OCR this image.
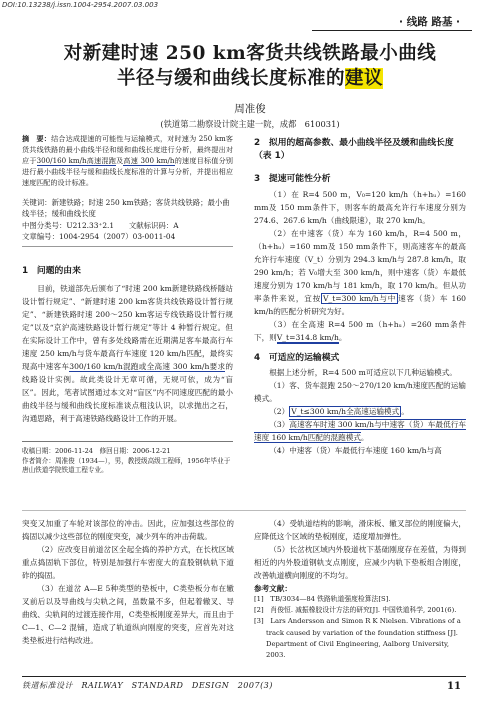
DOI:10.13238/j.issn.1004-2954.2007.03.003
· 线路 路基 ·
对新建时速 250 km客货共线铁路最小曲线
半径与缓和曲线长度标准的建议
周准俊
(铁道第二勘察设计院主建一院，成都　610031)
摘　要：结合达成提速的可能性与运输模式，对时速为 250 km客货共线铁路的最小曲线半径和缓和曲线长度进行分析，最终提出对应于300/160 km/h高速混跑及高速 300 km/h的速度目标值分别进行最小曲线半径与缓和曲线长度标准的计算与分析，并提出相应速度匹配的设计标准。
关键词：新建铁路；时速 250 km铁路；客货共线铁路；最小曲线半径；缓和曲线长度
中图分类号：U212.33⁺2.1　　文献标识码：A
文章编号：1004-2954（2007）03-0011-04
1　问题的由来
目前，铁道部先后颁布了“时速 200 km新建铁路线桥隧站设计暂行规定”、“新建时速 200 km客货共线铁路设计暂行规定”、“新建铁路时速 200～250 km客运专线铁路设计暂行规定”以及“京沪高速铁路设计暂行规定”等计 4 种暂行规定。但在实际设计工作中，曾有多处线路需在近期满足客车最高行车速度 250 km/h与货车最高行车速度 120 km/h匹配，最终实现高中速客车300/160 km/h混跑或全高速 300 km/h要求的线路设计实例。故此类设计无章可循，无规可依，成为“盲区”。因此，笔者试图通过本文对“盲区”内不同速度匹配的最小曲线半径与缓和曲线长度标准谈点粗浅认识，以求抛出之石，沟通思路，利于高速铁路线路设计工作的开展。
收稿日期：2006-11-24　修回日期：2006-12-21
作者简介：周准俊（1934—），男，教授级高级工程师，1956年毕业于唐山铁道学院铁道工程专业。
2　拟用的超高参数、最小曲线半径及缓和曲线长度（表 1）
3　提速可能性分析
（1）在 R=4 500 m，V₀=120 km/h（h+hᵤ）=160 mm及 150 mm条件下，则客车的最高允许行车速度分别为 274.6、267.6 km/h（曲线限速），取 270 km/h。
（2）在中速客（货）车为 160 km/h，R=4 500 m，（h+hᵤ）=160 mm及 150 mm条件下，则高速客车的最高允许行车速度（V_t）分别为 294.3 km/h与 287.8 km/h，取 290 km/h；若 V₀增大至 300 km/h，则中速客（货）车最低速度分别为 170 km/h与 181 km/h，取 170 km/h。但从功率条件来说，宜按 V_t=300 km/h与中 速客（货）车 160 km/h的匹配分析研究为好。
（3）在全高速 R=4 500 m（h+hᵤ）=260 mm条件下，则V_t=314.8 km/h。
4　可适应的运输模式
根据上述分析，R=4 500 m可适应以下几种运输模式。
（1）客、货车混跑 250～270/120 km/h速度匹配的运输模式。
（2） V_t≤300 km/h全高速运输模式 。
（3）高速客车时速 300 km/h与中速客（货）车最低行车速度 160 km/h匹配的混跑模式。
（4）中速客（货）车最低行车速度 160 km/h与高
突变又加重了车轮对该部位的冲击。因此，应加强这些部位的捣固以减少这些部位的刚度突变，减少列车的冲击荷载。
（2）应改变目前道岔区全起全捣的养护方式，在长枕区域重点捣固轨下部位，特别是加强行车密度大的直股钢轨轨下道砟的捣固。
（3）在道岔 A—E 5种类型的垫板中，C类垫板分布在辙叉前后以及导曲线与尖轨之间，虽数量不多，但起着辙叉、导曲线、尖轨间的过渡连接作用，C类垫板刚度差异大，而且由于 C—1、C—2 混铺，造成了轨道纵向刚度的突变，应首先对这类垫板进行结构改进。
（4）受轨道结构的影响，滑床板、辙叉部位的刚度偏大，应降低这个区域的垫板刚度，适度增加弹性。
（5）长岔枕区域内外股道枕下基础刚度存在差值，为得到相近的内外股道钢轨支点刚度，应减少内轨下垫板组合刚度，改善轨道横向刚度的不均匀。
参考文献：
[1]　TB/3034—84 铁路轨道强度检算法[S].
[2]　肖俊恒. 减振橡胶设计方法的研究[J]. 中国铁道科学, 2001(6).
[3]　Lars Andersson and Simon R K Nielsen. Vibrations of a track caused by variation of the foundation stiffness [J]. Department of Civil Engineering, Aalborg University, 2003.
铁道标准设计　RAILWAY　STANDARD　DESIGN　2007(3)	11
